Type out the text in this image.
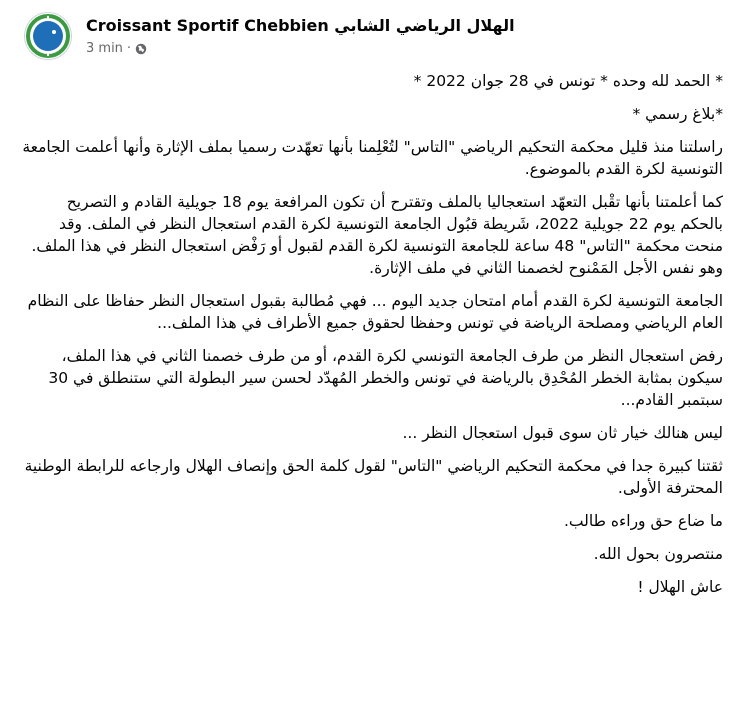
Croissant Sportif Chebbien الهلال الرياضي الشابي
3 min ·

* الحمد لله وحده * تونس في 28 جوان 2022 *

*بلاغ رسمي *

راسلتنا منذ قليل محكمة التحكيم الرياضي "التاس" لتُعْلِمنا بأنها تعهّدت رسميا بملف الإثارة وأنها أعلمت الجامعة التونسية لكرة القدم بالموضوع.

كما أعلمتنا بأنها تقْبل التعهّد استعجاليا بالملف وتقترح أن تكون المرافعة يوم 18 جويلية القادم و التصريح بالحكم يوم 22 جويلية 2022، شَريطة قبُول الجامعة التونسية لكرة القدم استعجال النظر في الملف. وقد منحت محكمة "التاس" 48 ساعة للجامعة التونسية لكرة القدم لقبول أو رَفْض استعجال النظر في هذا الملف. وهو نفس الأجل المَمْنوح لخصمنا الثاني في ملف الإثارة.

الجامعة التونسية لكرة القدم أمام امتحان جديد اليوم ... فهي مُطالبة بقبول استعجال النظر حفاظا على النظام العام الرياضي ومصلحة الرياضة في تونس وحفظا لحقوق جميع الأطراف في هذا الملف...

رفض استعجال النظر من طرف الجامعة التونسي لكرة القدم، أو من طرف خصمنا الثاني في هذا الملف، سيكون بمثابة الخطر المُحْدِق بالرياضة في تونس والخطر المُهدّد لحسن سير البطولة التي ستنطلق في 30 سبتمبر القادم...

ليس هنالك خيار ثان سوى قبول استعجال النظر ...

ثقتنا كبيرة جدا في محكمة التحكيم الرياضي "التاس" لقول كلمة الحق وإنصاف الهلال وارجاعه للرابطة الوطنية المحترفة الأولى.

ما ضاع حق وراءه طالب.

منتصرون بحول الله.

عاش الهلال !
